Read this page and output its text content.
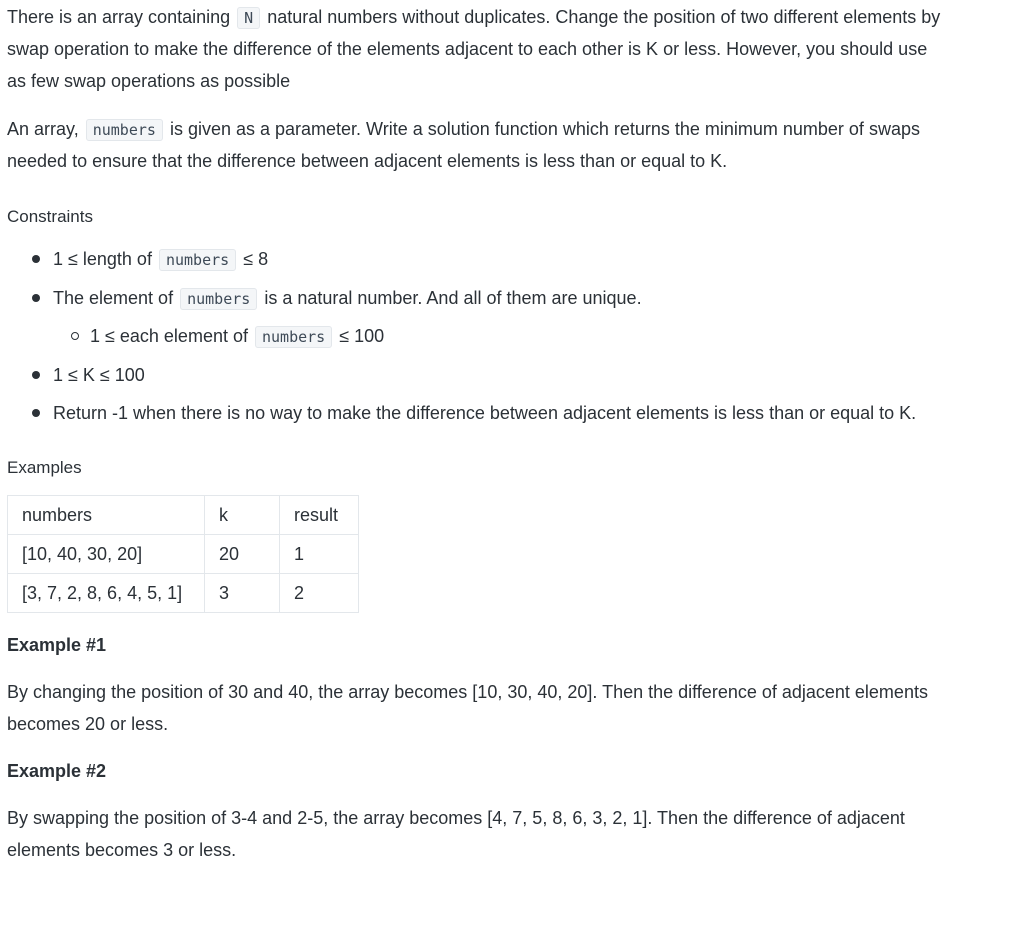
There is an array containing N natural numbers without duplicates. Change the position of two different elements by
swap operation to make the difference of the elements adjacent to each other is K or less. However, you should use
as few swap operations as possible

An array, numbers is given as a parameter. Write a solution function which returns the minimum number of swaps
needed to ensure that the difference between adjacent elements is less than or equal to K.

Constraints
1 ≤ length of numbers ≤ 8
The element of numbers is a natural number. And all of them are unique.
1 ≤ each element of numbers ≤ 100
1 ≤ K ≤ 100
Return -1 when there is no way to make the difference between adjacent elements is less than or equal to K.
Examples
numbers	k	result
[10, 40, 30, 20]	20	1
[3, 7, 2, 8, 6, 4, 5, 1]	3	2
Example #1

By changing the position of 30 and 40, the array becomes [10, 30, 40, 20]. Then the difference of adjacent elements
becomes 20 or less.

Example #2

By swapping the position of 3-4 and 2-5, the array becomes [4, 7, 5, 8, 6, 3, 2, 1]. Then the difference of adjacent
elements becomes 3 or less.
